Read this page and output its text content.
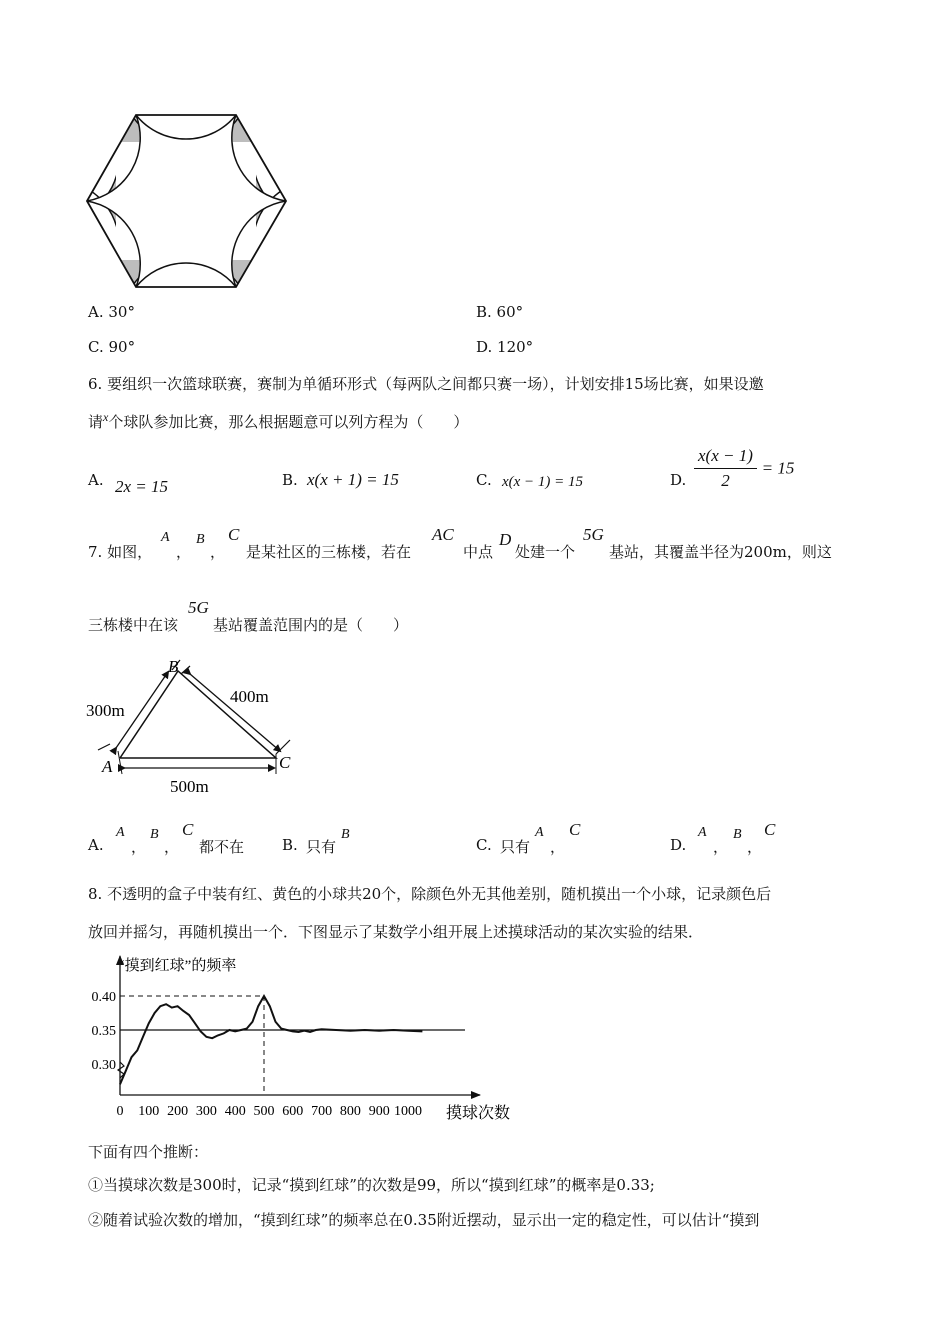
A. 30°	B. 60°
C. 90°	D. 120°
6. 要组织一次篮球联赛，赛制为单循环形式（每两队之间都只赛一场），计划安排15场比赛，如果设邀
请$^x$个球队参加比赛，那么根据题意可以列方程为（　　）
A. 2x = 15	B. x(x + 1) = 15	C. x(x − 1) = 15	D. $\frac{x(x - 1)}{2} = 15$
7. 如图，
A
，
B
，
C
是某社区的三栋楼，若在
AC
中点
D
处建一个
5G
基站，其覆盖半径为200m，则这
三栋楼中在该
5G
基站覆盖范围内的是（　　）
300m
400m
500m
B
A	C
A.
A
，
B
，
C
都不在	B. 只有
B
C. 只有
A
，
C
D.
A
，
B
，
C
8. 不透明的盒子中装有红、黄色的小球共20个，除颜色外无其他差别，随机摸出一个小球，记录颜色后
放回并摇匀，再随机摸出一个．下图显示了某数学小组开展上述摸球活动的某次实验的结果．
“摸到红球”的频率
摸球次数
0 100 200 300 400 500 600 700 800 900 1000
0.30
0.35
0.40
下面有四个推断：
①当摸球次数是300时，记录“摸到红球”的次数是99，所以“摸到红球”的概率是0.33;
②随着试验次数的增加，“摸到红球”的频率总在0.35附近摆动，显示出一定的稳定性，可以估计“摸到
